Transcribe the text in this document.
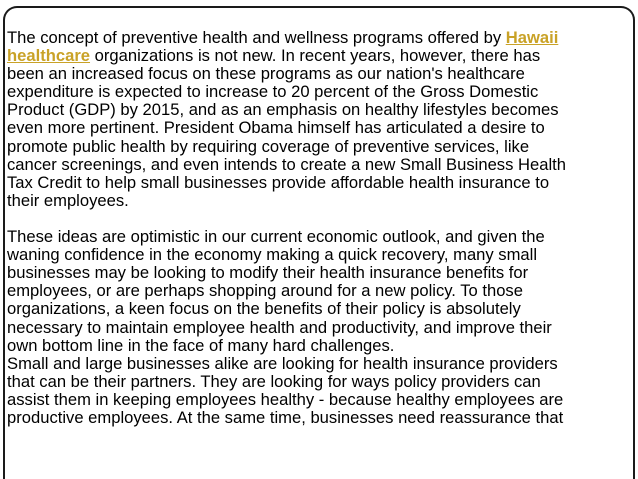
The concept of preventive health and wellness programs offered by Hawaii
healthcare organizations is not new. In recent years, however, there has
been an increased focus on these programs as our nation's healthcare
expenditure is expected to increase to 20 percent of the Gross Domestic
Product (GDP) by 2015, and as an emphasis on healthy lifestyles becomes
even more pertinent. President Obama himself has articulated a desire to
promote public health by requiring coverage of preventive services, like
cancer screenings, and even intends to create a new Small Business Health
Tax Credit to help small businesses provide affordable health insurance to
their employees.
These ideas are optimistic in our current economic outlook, and given the
waning confidence in the economy making a quick recovery, many small
businesses may be looking to modify their health insurance benefits for
employees, or are perhaps shopping around for a new policy. To those
organizations, a keen focus on the benefits of their policy is absolutely
necessary to maintain employee health and productivity, and improve their
own bottom line in the face of many hard challenges.
Small and large businesses alike are looking for health insurance providers
that can be their partners. They are looking for ways policy providers can
assist them in keeping employees healthy - because healthy employees are
productive employees. At the same time, businesses need reassurance that
